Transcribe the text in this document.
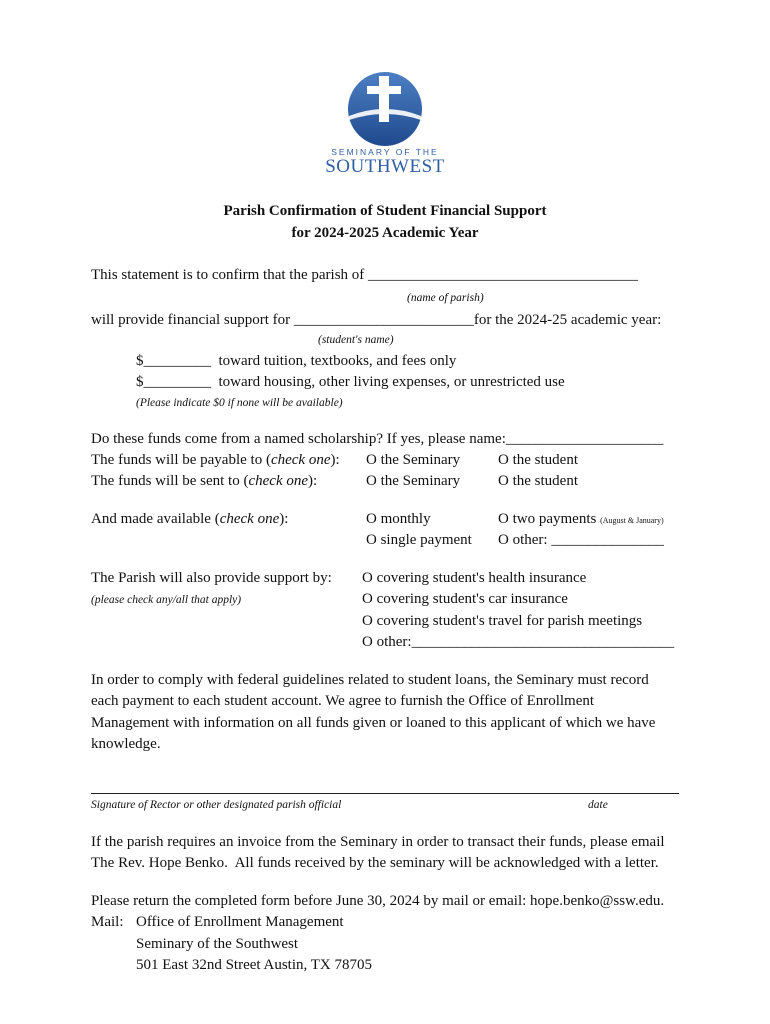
SEMINARY OF THE
SOUTHWEST
Parish Confirmation of Student Financial Support
for 2024-2025 Academic Year
This statement is to confirm that the parish of ____________________________________
(name of parish)
will provide financial support for ________________________for the 2024-25 academic year:
(student's name)
$_________  toward tuition, textbooks, and fees only
$_________  toward housing, other living expenses, or unrestricted use
(Please indicate $0 if none will be available)
Do these funds come from a named scholarship? If yes, please name:_____________________
The funds will be payable to (check one): O the Seminary	O the student
The funds will be sent to (check one):	O the Seminary	O the student
And made available (check one):	O monthly	O two payments (August & January)
O single payment O other: _______________
The Parish will also provide support by:
(please check any/all that apply)
O covering student's health insurance
O covering student's car insurance
O covering student's travel for parish meetings
O other:___________________________________
In order to comply with federal guidelines related to student loans, the Seminary must record
each payment to each student account. We agree to furnish the Office of Enrollment
Management with information on all funds given or loaned to this applicant of which we have
knowledge.
Signature of Rector or other designated parish official	date
If the parish requires an invoice from the Seminary in order to transact their funds, please email
The Rev. Hope Benko.  All funds received by the seminary will be acknowledged with a letter.
Please return the completed form before June 30, 2024 by mail or email: hope.benko@ssw.edu.
Mail: Office of Enrollment Management
Seminary of the Southwest
501 East 32nd Street Austin, TX 78705
